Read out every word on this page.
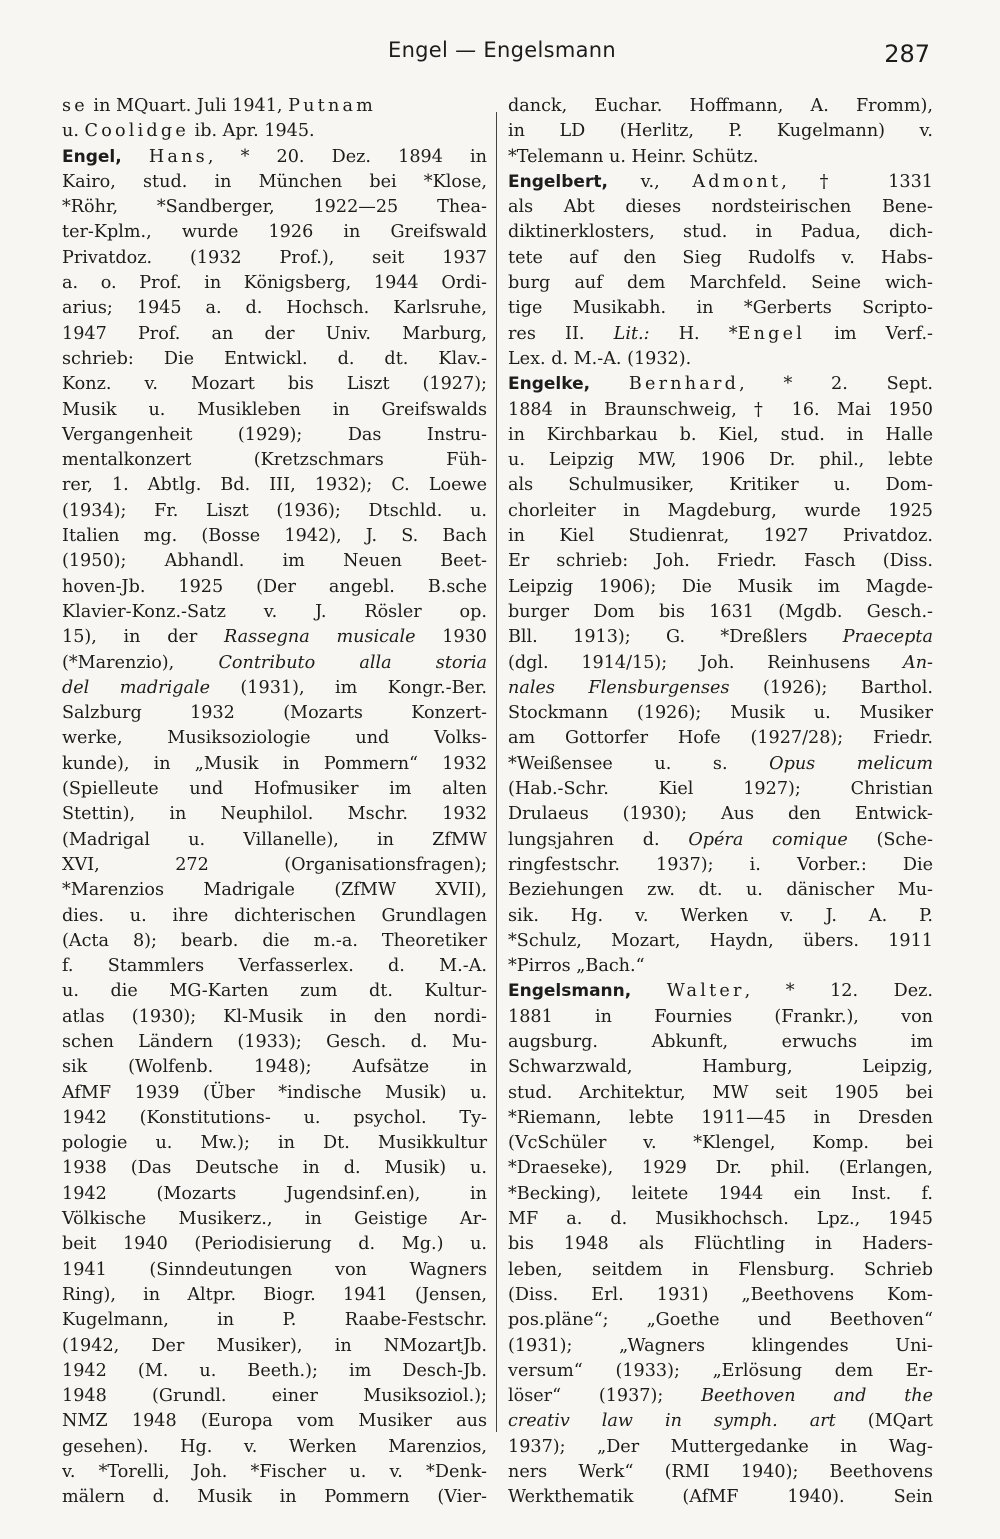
Engel — Engelsmann	287
se in MQuart. Juli 1941, Putnam
u. Coolidge ib. Apr. 1945.
Engel, Hans, * 20. Dez. 1894 in
Kairo, stud. in München bei *Klose,
*Röhr, *Sandberger, 1922—25 Thea-
ter-Kplm., wurde 1926 in Greifswald
Privatdoz. (1932 Prof.), seit 1937
a. o. Prof. in Königsberg, 1944 Ordi-
arius; 1945 a. d. Hochsch. Karlsruhe,
1947 Prof. an der Univ. Marburg,
schrieb: Die Entwickl. d. dt. Klav.-
Konz. v. Mozart bis Liszt (1927);
Musik u. Musikleben in Greifswalds
Vergangenheit (1929); Das Instru-
mentalkonzert (Kretzschmars Füh-
rer, 1. Abtlg. Bd. III, 1932); C. Loewe
(1934); Fr. Liszt (1936); Dtschld. u.
Italien mg. (Bosse 1942), J. S. Bach
(1950); Abhandl. im Neuen Beet-
hoven-Jb. 1925 (Der angebl. B.sche
Klavier-Konz.-Satz v. J. Rösler op.
15), in der Rassegna musicale 1930
(*Marenzio), Contributo alla storia
del madrigale (1931), im Kongr.-Ber.
Salzburg 1932 (Mozarts Konzert-
werke, Musiksoziologie und Volks-
kunde), in „Musik in Pommern“ 1932
(Spielleute und Hofmusiker im alten
Stettin), in Neuphilol. Mschr. 1932
(Madrigal u. Villanelle), in ZfMW
XVI, 272 (Organisationsfragen);
*Marenzios Madrigale (ZfMW XVII),
dies. u. ihre dichterischen Grundlagen
(Acta 8); bearb. die m.-a. Theoretiker
f. Stammlers Verfasserlex. d. M.-A.
u. die MG-Karten zum dt. Kultur-
atlas (1930); Kl-Musik in den nordi-
schen Ländern (1933); Gesch. d. Mu-
sik (Wolfenb. 1948); Aufsätze in
AfMF 1939 (Über *indische Musik) u.
1942 (Konstitutions- u. psychol. Ty-
pologie u. Mw.); in Dt. Musikkultur
1938 (Das Deutsche in d. Musik) u.
1942 (Mozarts Jugendsinf.en), in
Völkische Musikerz., in Geistige Ar-
beit 1940 (Periodisierung d. Mg.) u.
1941 (Sinndeutungen von Wagners
Ring), in Altpr. Biogr. 1941 (Jensen,
Kugelmann, in P. Raabe-Festschr.
(1942, Der Musiker), in NMozartJb.
1942 (M. u. Beeth.); im Desch-Jb.
1948 (Grundl. einer Musiksoziol.);
NMZ 1948 (Europa vom Musiker aus
gesehen). Hg. v. Werken Marenzios,
v. *Torelli, Joh. *Fischer u. v. *Denk-
mälern d. Musik in Pommern (Vier-
danck, Euchar. Hoffmann, A. Fromm),
in LD (Herlitz, P. Kugelmann) v.
*Telemann u. Heinr. Schütz.
Engelbert, v., Admont, † 1331
als Abt dieses nordsteirischen Bene-
diktinerklosters, stud. in Padua, dich-
tete auf den Sieg Rudolfs v. Habs-
burg auf dem Marchfeld. Seine wich-
tige Musikabh. in *Gerberts Scripto-
res II. Lit.: H. *Engel im Verf.-
Lex. d. M.-A. (1932).
Engelke, Bernhard, * 2. Sept.
1884 in Braunschweig, † 16. Mai 1950
in Kirchbarkau b. Kiel, stud. in Halle
u. Leipzig MW, 1906 Dr. phil., lebte
als Schulmusiker, Kritiker u. Dom-
chorleiter in Magdeburg, wurde 1925
in Kiel Studienrat, 1927 Privatdoz.
Er schrieb: Joh. Friedr. Fasch (Diss.
Leipzig 1906); Die Musik im Magde-
burger Dom bis 1631 (Mgdb. Gesch.-
Bll. 1913); G. *Dreßlers Praecepta
(dgl. 1914/15); Joh. Reinhusens An-
nales Flensburgenses (1926); Barthol.
Stockmann (1926); Musik u. Musiker
am Gottorfer Hofe (1927/28); Friedr.
*Weißensee u. s. Opus melicum
(Hab.-Schr. Kiel 1927); Christian
Drulaeus (1930); Aus den Entwick-
lungsjahren d. Opéra comique (Sche-
ringfestschr. 1937); i. Vorber.: Die
Beziehungen zw. dt. u. dänischer Mu-
sik. Hg. v. Werken v. J. A. P.
*Schulz, Mozart, Haydn, übers. 1911
*Pirros „Bach.“
Engelsmann, Walter, * 12. Dez.
1881 in Fournies (Frankr.), von
augsburg. Abkunft, erwuchs im
Schwarzwald, Hamburg, Leipzig,
stud. Architektur, MW seit 1905 bei
*Riemann, lebte 1911—45 in Dresden
(VcSchüler v. *Klengel, Komp. bei
*Draeseke), 1929 Dr. phil. (Erlangen,
*Becking), leitete 1944 ein Inst. f.
MF a. d. Musikhochsch. Lpz., 1945
bis 1948 als Flüchtling in Haders-
leben, seitdem in Flensburg. Schrieb
(Diss. Erl. 1931) „Beethovens Kom-
pos.pläne“; „Goethe und Beethoven“
(1931); „Wagners klingendes Uni-
versum“ (1933); „Erlösung dem Er-
löser“ (1937); Beethoven and the
creativ law in symph. art (MQart
1937); „Der Muttergedanke in Wag-
ners Werk“ (RMI 1940); Beethovens
Werkthematik (AfMF 1940). Sein
